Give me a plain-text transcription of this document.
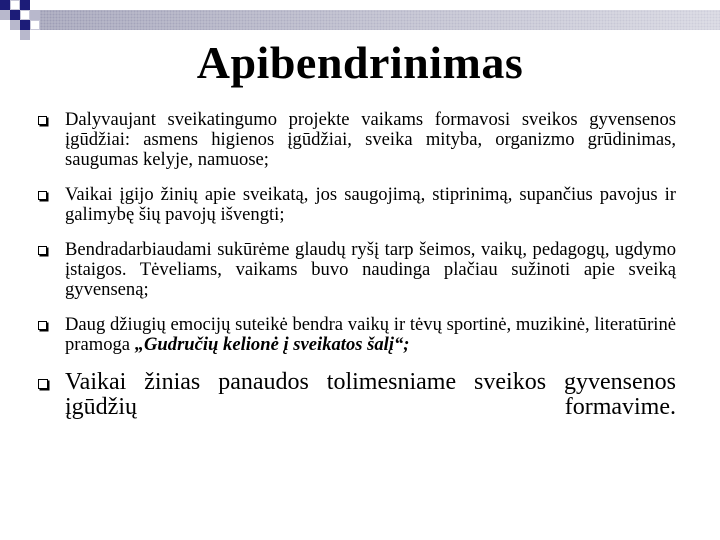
Apibendrinimas
Dalyvaujant sveikatingumo projekte vaikams formavosi sveikos gyvensenos įgūdžiai: asmens higienos įgūdžiai, sveika mityba, organizmo grūdinimas, saugumas kelyje, namuose;
Vaikai įgijo žinių apie sveikatą, jos saugojimą, stiprinimą, supančius pavojus ir galimybę šių pavojų išvengti;
Bendradarbiaudami sukūrėme glaudų ryšį tarp šeimos, vaikų, pedagogų, ugdymo įstaigos. Tėveliams, vaikams buvo naudinga plačiau sužinoti apie sveiką gyvenseną;
Daug džiugių emocijų suteikė bendra vaikų ir tėvų sportinė, muzikinė, literatūrinė pramoga „Gudručių kelionė į sveikatos šalį“;
Vaikai žinias panaudos tolimesniame sveikos gyvensenos įgūdžių formavime.
